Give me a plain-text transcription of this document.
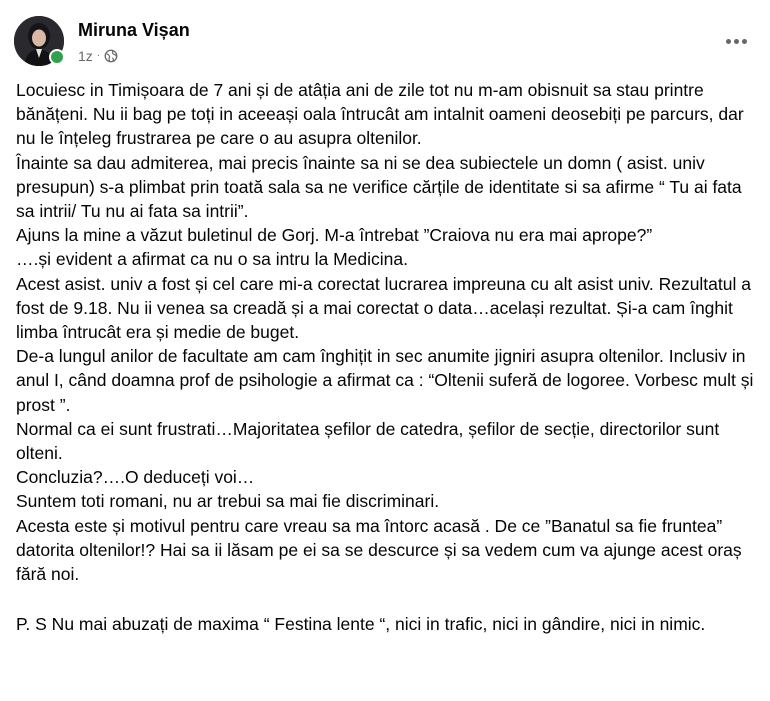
Miruna Vișan
1z ·

Locuiesc in Timișoara de 7 ani și de atâția ani de zile tot nu m-am obisnuit sa stau printre bănățeni. Nu ii bag pe toți in aceeași oala întrucât am intalnit oameni deosebiți pe parcurs, dar nu le înțeleg frustrarea pe care o au asupra oltenilor.

Înainte sa dau admiterea, mai precis înainte sa ni se dea subiectele un domn ( asist. univ presupun) s-a plimbat prin toată sala sa ne verifice cărțile de identitate si sa afirme “ Tu ai fata sa intrii/ Tu nu ai fata sa intrii”.

Ajuns la mine a văzut buletinul de Gorj. M-a întrebat ”Craiova nu era mai aprope?”

….și evident a afirmat ca nu o sa intru la Medicina.

Acest asist. univ a fost și cel care mi-a corectat lucrarea impreuna cu alt asist univ. Rezultatul a fost de 9.18. Nu ii venea sa creadă și a mai corectat o data…același rezultat. Și-a cam înghit limba întrucât era și medie de buget.

De-a lungul anilor de facultate am cam înghițit in sec anumite jigniri asupra oltenilor. Inclusiv in anul I, când doamna prof de psihologie a afirmat ca : “Oltenii suferă de logoree. Vorbesc mult și prost ”.

Normal ca ei sunt frustrati…Majoritatea șefilor de catedra, șefilor de secție, directorilor sunt olteni.

Concluzia?….O deduceți voi…

Suntem toti romani, nu ar trebui sa mai fie discriminari.

Acesta este și motivul pentru care vreau sa ma întorc acasă . De ce ”Banatul sa fie fruntea” datorita oltenilor!? Hai sa ii lăsam pe ei sa se descurce și sa vedem cum va ajunge acest oraș fără noi.

P. S Nu mai abuzați de maxima “ Festina lente “, nici in trafic, nici in gândire, nici in nimic.
